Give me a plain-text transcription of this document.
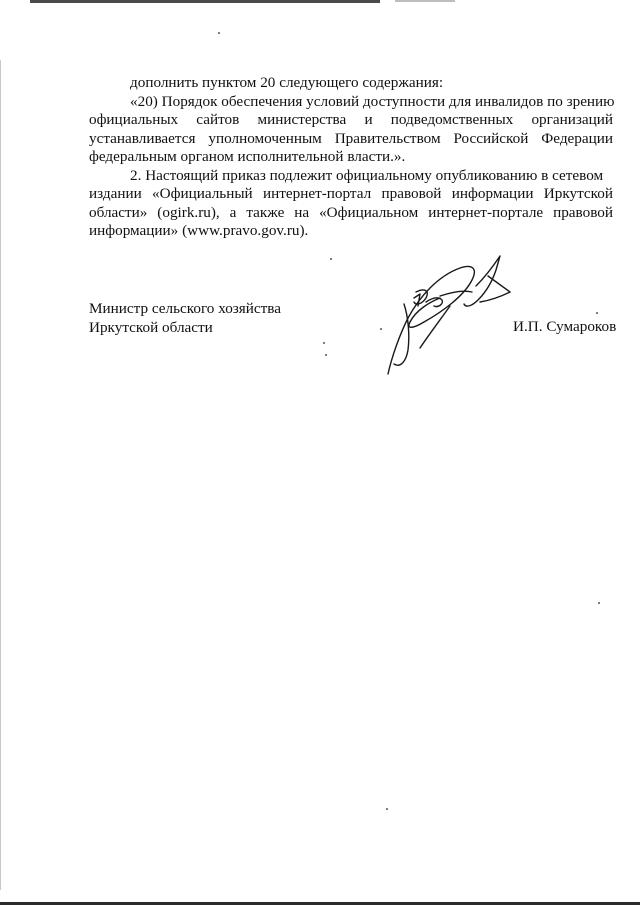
дополнить пунктом 20 следующего содержания:
«20) Порядок обеспечения условий доступности для инвалидов по зрению
официальных сайтов министерства и подведомственных организаций
устанавливается уполномоченным Правительством Российской Федерации
федеральным органом исполнительной власти.».
2. Настоящий приказ подлежит официальному опубликованию в сетевом
издании «Официальный интернет-портал правовой информации Иркутской
области» (ogirk.ru), а также на «Официальном интернет-портале правовой
информации» (www.pravo.gov.ru).
Министр сельского хозяйства
Иркутской области	И.П. Сумароков
